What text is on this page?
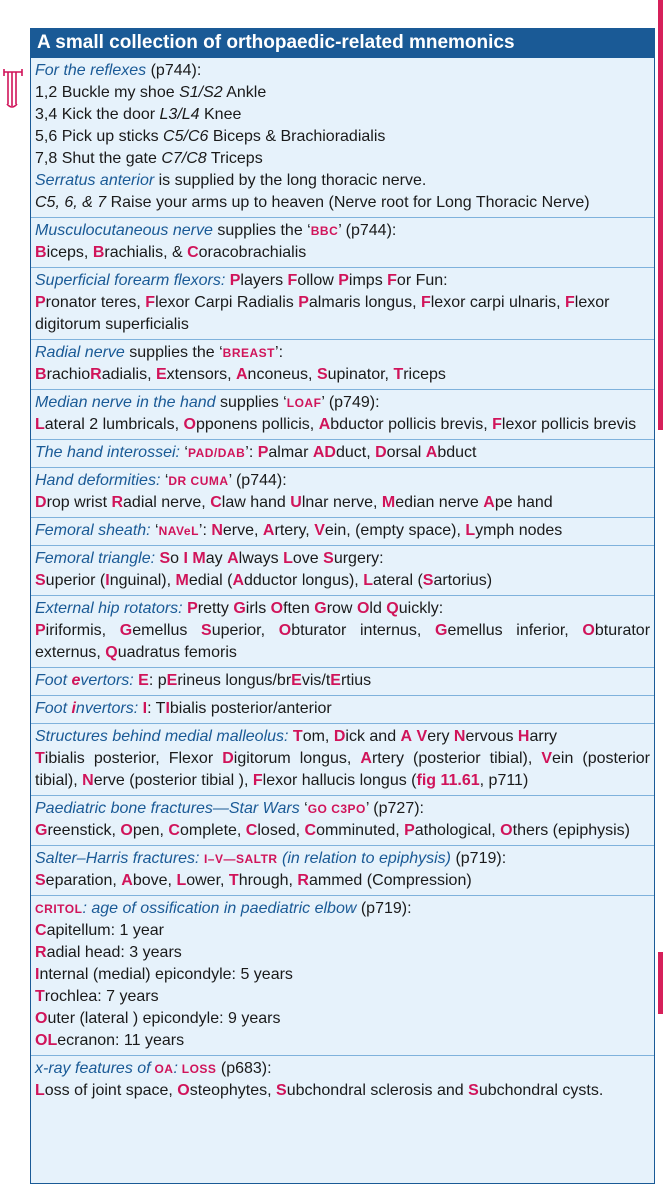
A small collection of orthopaedic-related mnemonics
For the reflexes (p744):
1,2 Buckle my shoe S1/S2 Ankle
3,4 Kick the door L3/L4 Knee
5,6 Pick up sticks C5/C6 Biceps & Brachioradialis
7,8 Shut the gate C7/C8 Triceps
Serratus anterior is supplied by the long thoracic nerve.
C5, 6, & 7 Raise your arms up to heaven (Nerve root for Long Thoracic Nerve)
Musculocutaneous nerve supplies the ‘BBC’ (p744):
Biceps, Brachialis, & Coracobrachialis
Superficial forearm flexors: Players Follow Pimps For Fun:
Pronator teres, Flexor Carpi Radialis Palmaris longus, Flexor carpi ulnaris, Flexor digitorum superficialis
Radial nerve supplies the ‘BREAST’:
BrachioRadialis, Extensors, Anconeus, Supinator, Triceps
Median nerve in the hand supplies ‘LOAF’ (p749):
Lateral 2 lumbricals, Opponens pollicis, Abductor pollicis brevis, Flexor pollicis brevis
The hand interossei: ‘PAD/DAB’: Palmar ADduct, Dorsal Abduct
Hand deformities: ‘DR CUMA’ (p744):
Drop wrist Radial nerve, Claw hand Ulnar nerve, Median nerve Ape hand
Femoral sheath: ‘NAVeL’: Nerve, Artery, Vein, (empty space), Lymph nodes
Femoral triangle: So I May Always Love Surgery:
Superior (Inguinal), Medial (Adductor longus), Lateral (Sartorius)
External hip rotators: Pretty Girls Often Grow Old Quickly:
Piriformis, Gemellus Superior, Obturator internus, Gemellus inferior, Obturator externus, Quadratus femoris
Foot evertors: E: pErineus longus/brEvis/tErtius
Foot invertors: I: TIbialis posterior/anterior
Structures behind medial malleolus: Tom, Dick and A Very Nervous Harry
Tibialis posterior, Flexor Digitorum longus, Artery (posterior tibial), Vein (posterior tibial), Nerve (posterior tibial ), Flexor hallucis longus (fig 11.61, p711)
Paediatric bone fractures—Star Wars ‘GO C3PO’ (p727):
Greenstick, Open, Complete, Closed, Comminuted, Pathological, Others (epiphysis)
Salter–Harris fractures: I–V—SALTR (in relation to epiphysis) (p719):
Separation, Above, Lower, Through, Rammed (Compression)
CRITOL: age of ossification in paediatric elbow (p719):
Capitellum: 1 year
Radial head: 3 years
Internal (medial) epicondyle: 5 years
Trochlea: 7 years
Outer (lateral ) epicondyle: 9 years
OLecranon: 11 years
x-ray features of OA: LOSS (p683):
Loss of joint space, Osteophytes, Subchondral sclerosis and Subchondral cysts.
